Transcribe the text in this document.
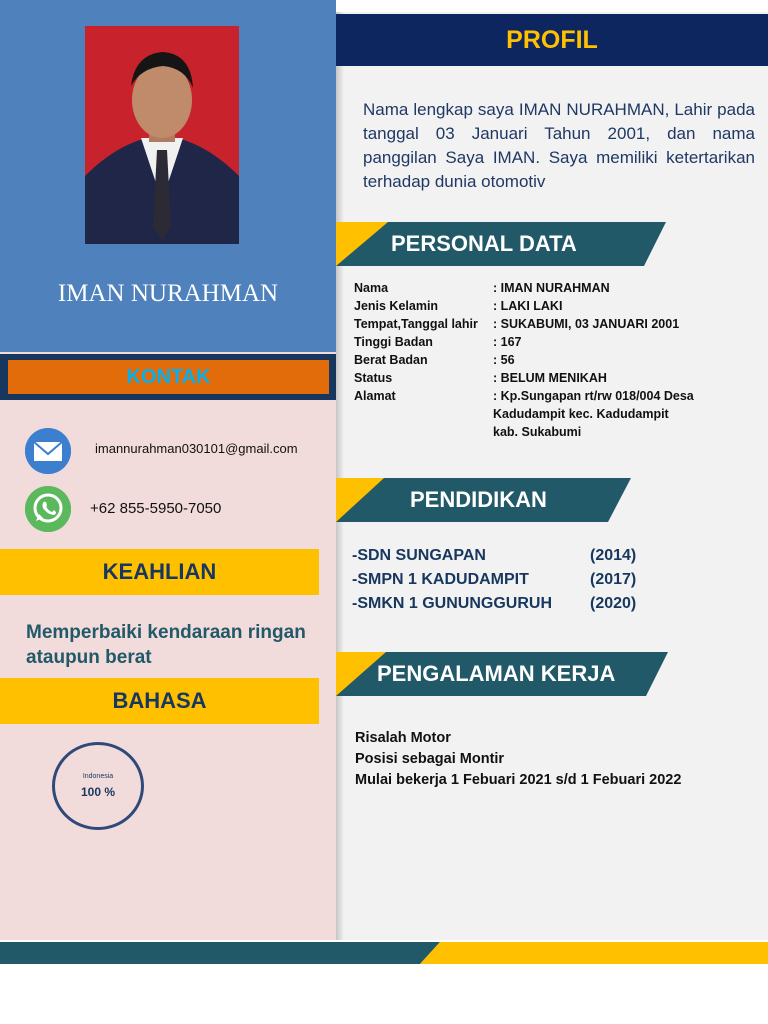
IMAN NURAHMAN
KONTAK
imannurahman030101@gmail.com
+62 855-5950-7050
KEAHLIAN
Memperbaiki kendaraan ringan ataupun berat
BAHASA
Indonesia
100 %
PROFIL
Nama lengkap saya IMAN NURAHMAN, Lahir pada tanggal 03 Januari Tahun 2001, dan nama panggilan Saya IMAN. Saya memiliki ketertarikan terhadap dunia otomotiv
PERSONAL DATA
Nama	: IMAN NURAHMAN
Jenis Kelamin	: LAKI LAKI
Tempat,Tanggal lahir : SUKABUMI, 03 JANUARI 2001
Tinggi Badan	: 167
Berat Badan	: 56
Status	: BELUM MENIKAH
Alamat	: Kp.Sungapan rt/rw 018/004 Desa
Kadudampit kec. Kadudampit
kab. Sukabumi
PENDIDIKAN
-SDN SUNGAPAN	(2014)
-SMPN 1 KADUDAMPIT	(2017)
-SMKN 1 GUNUNGGURUH (2020)
PENGALAMAN KERJA
Risalah Motor
Posisi sebagai Montir
Mulai bekerja 1 Febuari 2021 s/d 1 Febuari 2022
